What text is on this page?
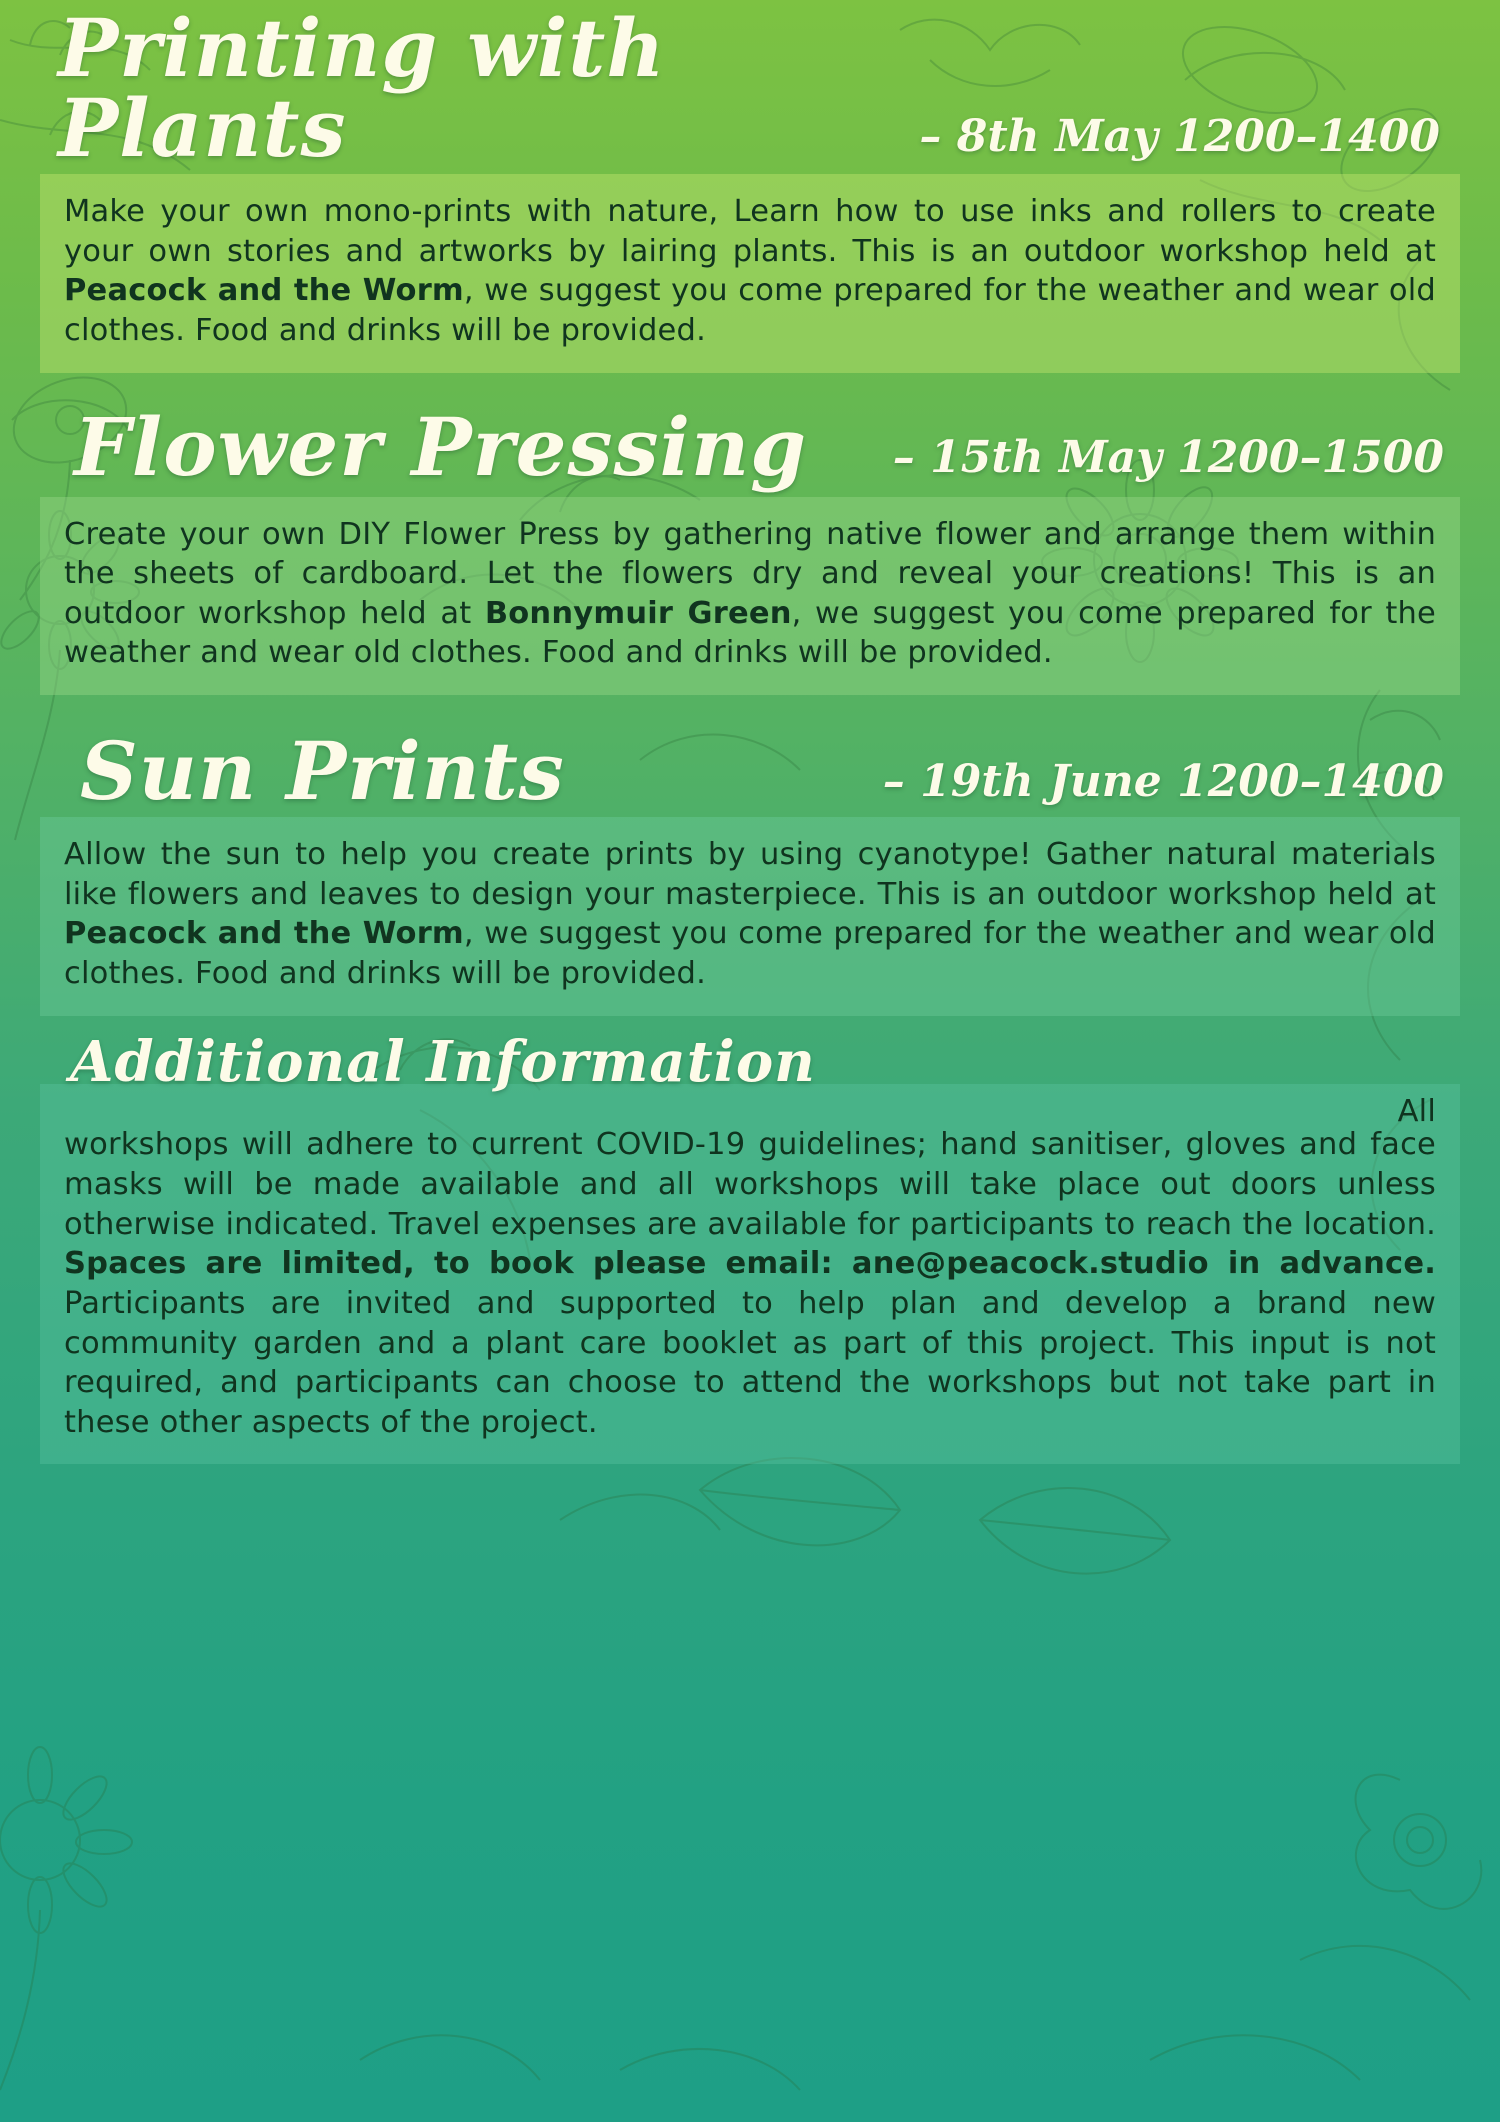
Printing with Plants	– 8th May 1200–1400
Make your own mono-prints with nature, Learn how to use inks and rollers to create your own stories and artworks by lairing plants. This is an outdoor workshop held at Peacock and the Worm, we suggest you come prepared for the weather and wear old clothes. Food and drinks will be provided.
Flower Pressing – 15th May 1200–1500
Create your own DIY Flower Press by gathering native flower and arrange them within the sheets of cardboard. Let the flowers dry and reveal your creations! This is an outdoor workshop held at Bonnymuir Green, we suggest you come prepared for the weather and wear old clothes. Food and drinks will be provided.
Sun Prints	– 19th June 1200–1400
Allow the sun to help you create prints by using cyanotype! Gather natural materials like flowers and leaves to design your masterpiece. This is an outdoor workshop held at Peacock and the Worm, we suggest you come prepared for the weather and wear old clothes. Food and drinks will be provided.
Additional Information
All
workshops will adhere to current COVID-19 guidelines; hand sanitiser, gloves and face masks will be made available and all workshops will take place out doors unless otherwise indicated. Travel expenses are available for participants to reach the location. Spaces are limited, to book please email: ane@peacock.studio in advance. Participants are invited and supported to help plan and develop a brand new community garden and a plant care booklet as part of this project. This input is not required, and participants can choose to attend the workshops but not take part in these other aspects of the project.
